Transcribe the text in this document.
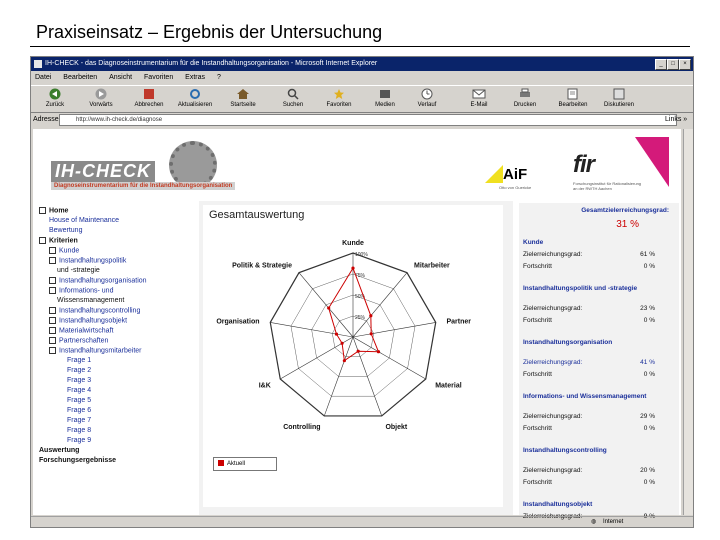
Praxiseinsatz – Ergebnis der Untersuchung
IH-CHECK - das Diagnoseinstrumentarium für die Instandhaltungsorganisation - Microsoft Internet Explorer	_	□	×
Datei Bearbeiten Ansicht Favoriten Extras ?
Zurück	Vorwärts	Abbrechen	Aktualisieren	Startseite	Suchen	Favoriten	Medien	Verlauf	E-Mail	Drucken	Bearbeiten	Diskutieren
Adresse	http://www.ih-check.de/diagnose	Links »
IH-CHECK
Diagnoseinstrumentarium für die Instandhaltungsorganisation
AiF
Otto von Guericke
fir
Forschungsinstitut für Rationalisierung an der RWTH Aachen
Home
House of Maintenance
Bewertung
Kriterien
Kunde
Instandhaltungspolitik
und -strategie
Instandhaltungsorganisation
Informations- und
Wissensmanagement
Instandhaltungscontrolling
Instandhaltungsobjekt
Materialwirtschaft
Partnerschaften
Instandhaltungsmitarbeiter
Frage 1
Frage 2
Frage 3
Frage 4
Frage 5
Frage 6
Frage 7
Frage 8
Frage 9
Auswertung
Forschungsergebnisse
Gesamtauswertung
Kunde
Mitarbeiter
Partner
Material
Objekt
Controlling
I&K
Organisation
Politik & Strategie
25%
50%
75%
100%
Aktuell
Gesamtzielerreichungsgrad:
31 %
Kunde
Zielerreichungsgrad:	61 %
Fortschritt	0 %
Instandhaltungspolitik und -strategie
Zielerreichungsgrad:	23 %
Fortschritt	0 %
Instandhaltungsorganisation
Zielerreichungsgrad:	41 %
Fortschritt	0 %
Informations- und Wissensmanagement
Zielerreichungsgrad:	29 %
Fortschritt	0 %
Instandhaltungscontrolling
Zielerreichungsgrad:	20 %
Fortschritt	0 %
Instandhaltungsobjekt
Zielerreichungsgrad:	9 %
◍ Internet
